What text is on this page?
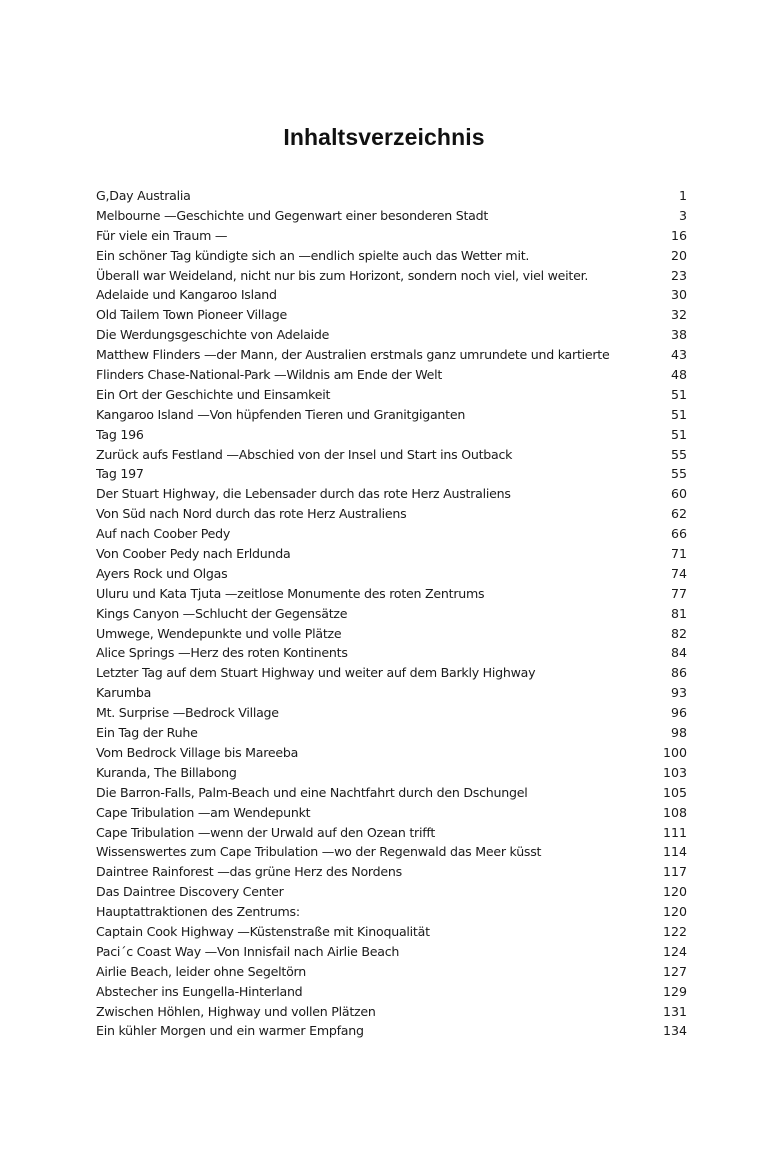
Inhaltsverzeichnis
G,Day Australia	1
Melbourne —Geschichte und Gegenwart einer besonderen Stadt	3
Für viele ein Traum —	16
Ein schöner Tag kündigte sich an —endlich spielte auch das Wetter mit.	20
Überall war Weideland, nicht nur bis zum Horizont, sondern noch viel, viel weiter.	23
Adelaide und Kangaroo Island	30
Old Tailem Town Pioneer Village	32
Die Werdungsgeschichte von Adelaide	38
Matthew Flinders —der Mann, der Australien erstmals ganz umrundete und kartierte	43
Flinders Chase-National-Park —Wildnis am Ende der Welt	48
Ein Ort der Geschichte und Einsamkeit	51
Kangaroo Island —Von hüpfenden Tieren und Granitgiganten	51
Tag 196	51
Zurück aufs Festland —Abschied von der Insel und Start ins Outback	55
Tag 197	55
Der Stuart Highway, die Lebensader durch das rote Herz Australiens	60
Von Süd nach Nord durch das rote Herz Australiens	62
Auf nach Coober Pedy	66
Von Coober Pedy nach Erldunda	71
Ayers Rock und Olgas	74
Uluru und Kata Tjuta —zeitlose Monumente des roten Zentrums	77
Kings Canyon —Schlucht der Gegensätze	81
Umwege, Wendepunkte und volle Plätze	82
Alice Springs —Herz des roten Kontinents	84
Letzter Tag auf dem Stuart Highway und weiter auf dem Barkly Highway	86
Karumba	93
Mt. Surprise —Bedrock Village	96
Ein Tag der Ruhe	98
Vom Bedrock Village bis Mareeba	100
Kuranda, The Billabong	103
Die Barron-Falls, Palm-Beach und eine Nachtfahrt durch den Dschungel	105
Cape Tribulation —am Wendepunkt	108
Cape Tribulation —wenn der Urwald auf den Ozean trifft	111
Wissenswertes zum Cape Tribulation —wo der Regenwald das Meer küsst	114
Daintree Rainforest —das grüne Herz des Nordens	117
Das Daintree Discovery Center	120
Hauptattraktionen des Zentrums:	120
Captain Cook Highway —Küstenstraße mit Kinoqualität	122
Paci´c Coast Way —Von Innisfail nach Airlie Beach	124
Airlie Beach, leider ohne Segeltörn	127
Abstecher ins Eungella-Hinterland	129
Zwischen Höhlen, Highway und vollen Plätzen	131
Ein kühler Morgen und ein warmer Empfang	134
